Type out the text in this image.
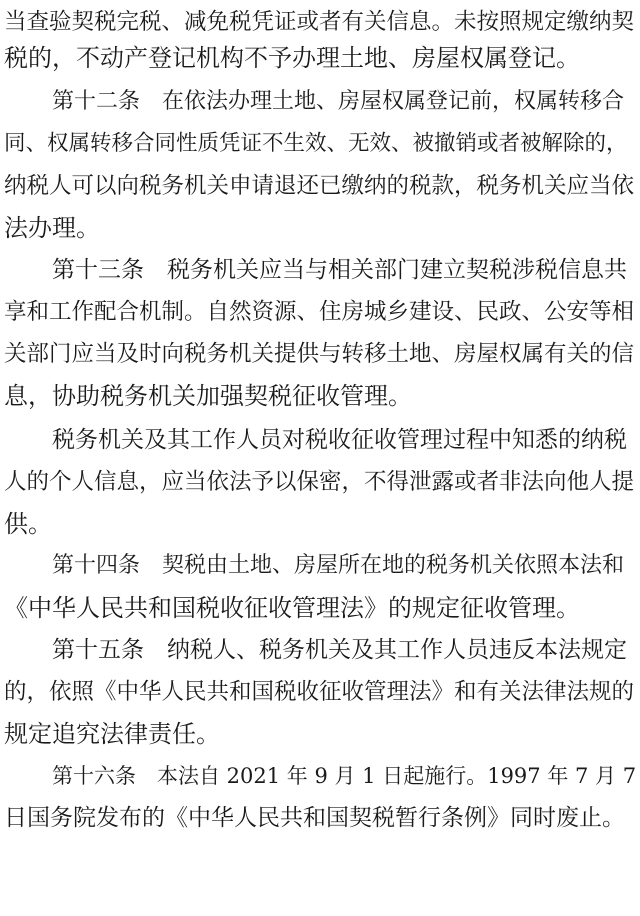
当查验契税完税、减免税凭证或者有关信息。未按照规定缴纳契
税的，不动产登记机构不予办理土地、房屋权属登记。
第十二条　在依法办理土地、房屋权属登记前，权属转移合
同、权属转移合同性质凭证不生效、无效、被撤销或者被解除的，
纳税人可以向税务机关申请退还已缴纳的税款，税务机关应当依
法办理。
第十三条　税务机关应当与相关部门建立契税涉税信息共
享和工作配合机制。自然资源、住房城乡建设、民政、公安等相
关部门应当及时向税务机关提供与转移土地、房屋权属有关的信
息，协助税务机关加强契税征收管理。
税务机关及其工作人员对税收征收管理过程中知悉的纳税
人的个人信息，应当依法予以保密，不得泄露或者非法向他人提
供。
第十四条　契税由土地、房屋所在地的税务机关依照本法和
《中华人民共和国税收征收管理法》的规定征收管理。
第十五条　纳税人、税务机关及其工作人员违反本法规定
的，依照《中华人民共和国税收征收管理法》和有关法律法规的
规定追究法律责任。
第十六条　本法自 2021 年 9 月 1 日起施行。1997 年 7 月 7
日国务院发布的《中华人民共和国契税暂行条例》同时废止。
